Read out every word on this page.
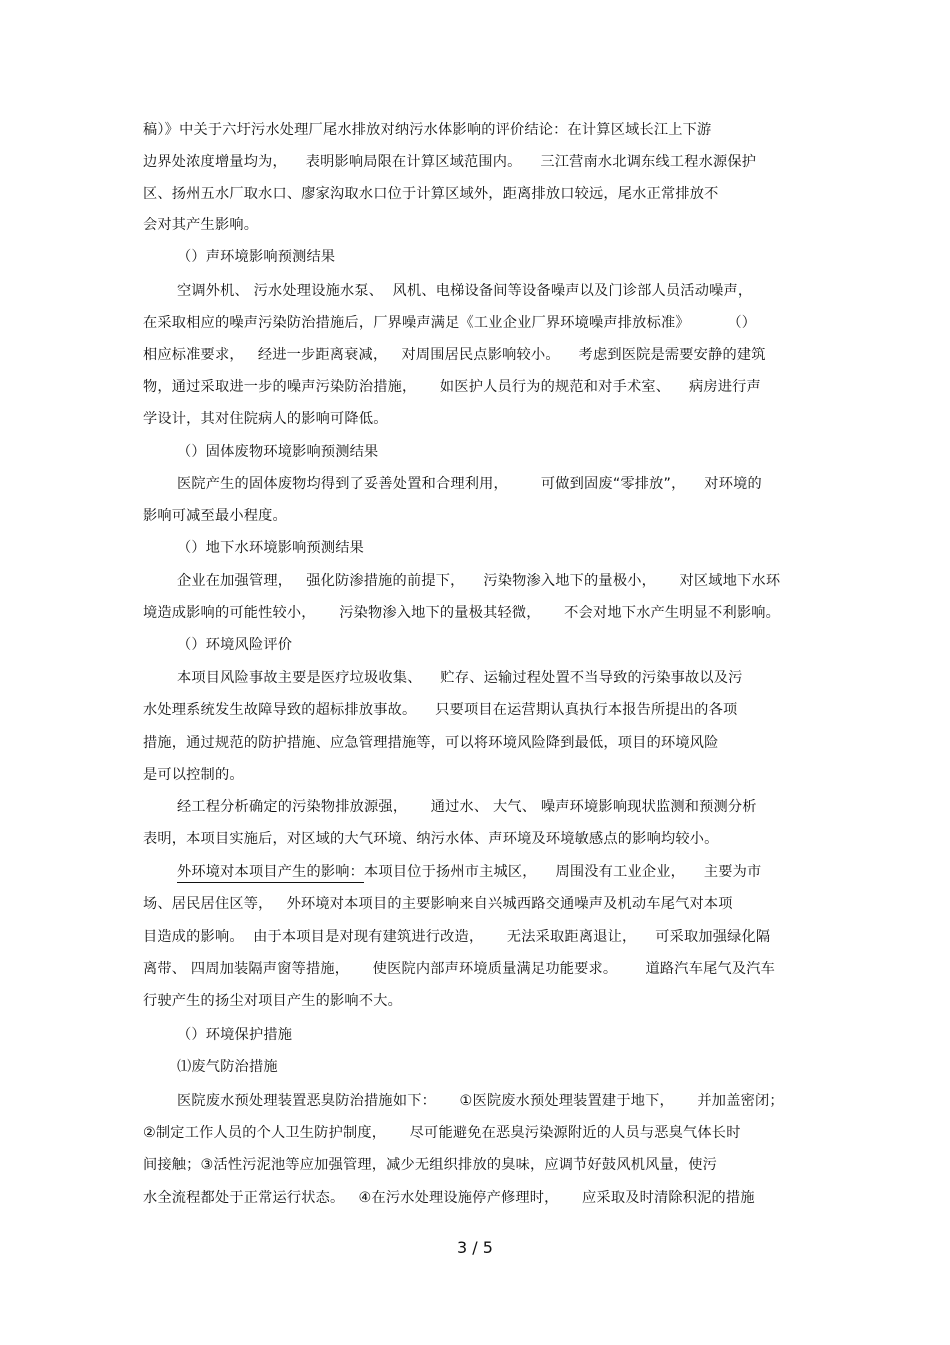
稿）》中关于六圩污水处理厂尾水排放对纳污水体影响的评价结论：在计算区域长江上下游
边界处浓度增量均为，    表明影响局限在计算区域范围内。    三江营南水北调东线工程水源保护
区、扬州五水厂取水口、廖家沟取水口位于计算区域外，距离排放口较远，尾水正常排放不
会对其产生影响。
（）声环境影响预测结果
空调外机、 污水处理设施水泵、  风机、电梯设备间等设备噪声以及门诊部人员活动噪声，
在采取相应的噪声污染防治措施后，厂界噪声满足《工业企业厂界环境噪声排放标准》        （）
相应标准要求，   经进一步距离衰减，   对周围居民点影响较小。    考虑到医院是需要安静的建筑
物，通过采取进一步的噪声污染防治措施，     如医护人员行为的规范和对手术室、    病房进行声
学设计，其对住院病人的影响可降低。
（）固体废物环境影响预测结果
医院产生的固体废物均得到了妥善处置和合理利用，       可做到固废“零排放”，    对环境的
影响可减至最小程度。
（）地下水环境影响预测结果
企业在加强管理，   强化防渗措施的前提下，    污染物渗入地下的量极小，     对区域地下水环
境造成影响的可能性较小，     污染物渗入地下的量极其轻微，     不会对地下水产生明显不利影响。
（）环境风险评价
本项目风险事故主要是医疗垃圾收集、    贮存、运输过程处置不当导致的污染事故以及污
水处理系统发生故障导致的超标排放事故。    只要项目在运营期认真执行本报告所提出的各项
措施，通过规范的防护措施、应急管理措施等，可以将环境风险降到最低，项目的环境风险
是可以控制的。
经工程分析确定的污染物排放源强，     通过水、 大气、 噪声环境影响现状监测和预测分析
表明，本项目实施后，对区域的大气环境、纳污水体、声环境及环境敏感点的影响均较小。
外环境对本项目产生的影响：本项目位于扬州市主城区，    周围没有工业企业，    主要为市
场、居民居住区等，   外环境对本项目的主要影响来自兴城西路交通噪声及机动车尾气对本项
目造成的影响。  由于本项目是对现有建筑进行改造，     无法采取距离退让，    可采取加强绿化隔
离带、 四周加装隔声窗等措施，     使医院内部声环境质量满足功能要求。      道路汽车尾气及汽车
行驶产生的扬尘对项目产生的影响不大。
（）环境保护措施
⑴废气防治措施
医院废水预处理装置恶臭防治措施如下：     ①医院废水预处理装置建于地下，     并加盖密闭；
②制定工作人员的个人卫生防护制度，     尽可能避免在恶臭污染源附近的人员与恶臭气体长时
间接触；③活性污泥池等应加强管理，减少无组织排放的臭味，应调节好鼓风机风量，使污
水全流程都处于正常运行状态。   ④在污水处理设施停产修理时，     应采取及时清除积泥的措施
3 / 5
